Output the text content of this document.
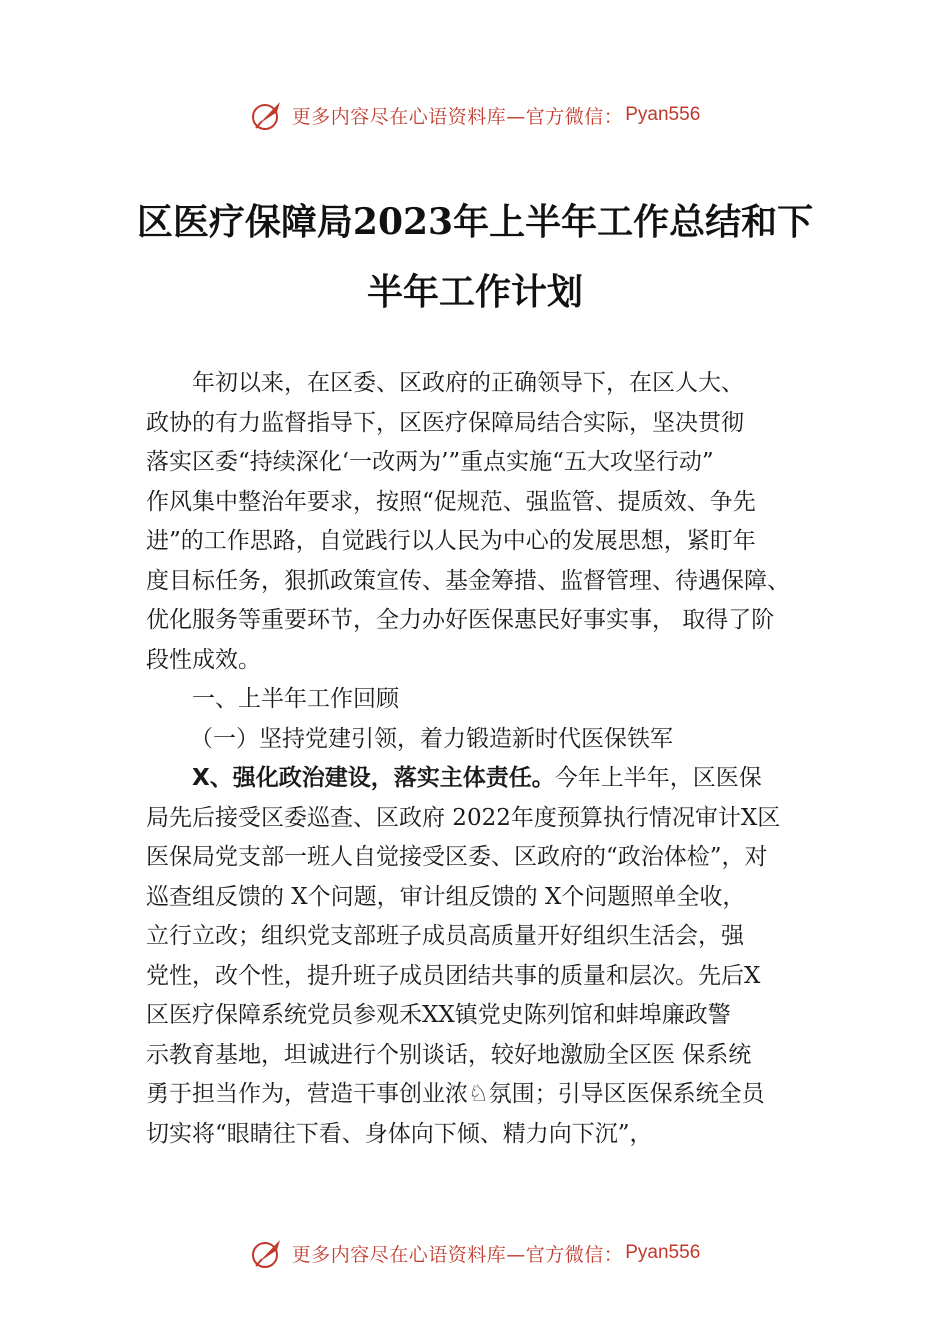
更多内容尽在心语资料库—官方微信： Pyan556
区医疗保障局2023年上半年工作总结和下
半年工作计划

年初以来，在区委、区政府的正确领导下，在区人大、

政协的有力监督指导下，区医疗保障局结合实际，坚决贯彻

落实区委“持续深化‘一改两为’”重点实施“五大攻坚行动”

作风集中整治年要求，按照“促规范、强监管、提质效、争先

进”的工作思路，自觉践行以人民为中心的发展思想，紧盯年

度目标任务，狠抓政策宣传、基金筹措、监督管理、待遇保障、

优化服务等重要环节，全力办好医保惠民好事实事， 取得了阶

段性成效。

一、上半年工作回顾

（一）坚持党建引领，着力锻造新时代医保铁军

X、强化政治建设，落实主体责任。今年上半年，区医保

局先后接受区委巡查、区政府 2022年度预算执行情况审计X区

医保局党支部一班人自觉接受区委、区政府的“政治体检”，对

巡查组反馈的 X个问题，审计组反馈的 X个问题照单全收，

立行立改；组织党支部班子成员高质量开好组织生活会，强

党性，改个性，提升班子成员团结共事的质量和层次。先后X

区医疗保障系统党员参观禾XX镇党史陈列馆和蚌埠廉政警

示教育基地，坦诚进行个别谈话，较好地激励全区医 保系统

勇于担当作为，营造干事创业浓♘氛围；引导区医保系统全员

切实将“眼睛往下看、身体向下倾、精力向下沉”，

更多内容尽在心语资料库—官方微信： Pyan556
